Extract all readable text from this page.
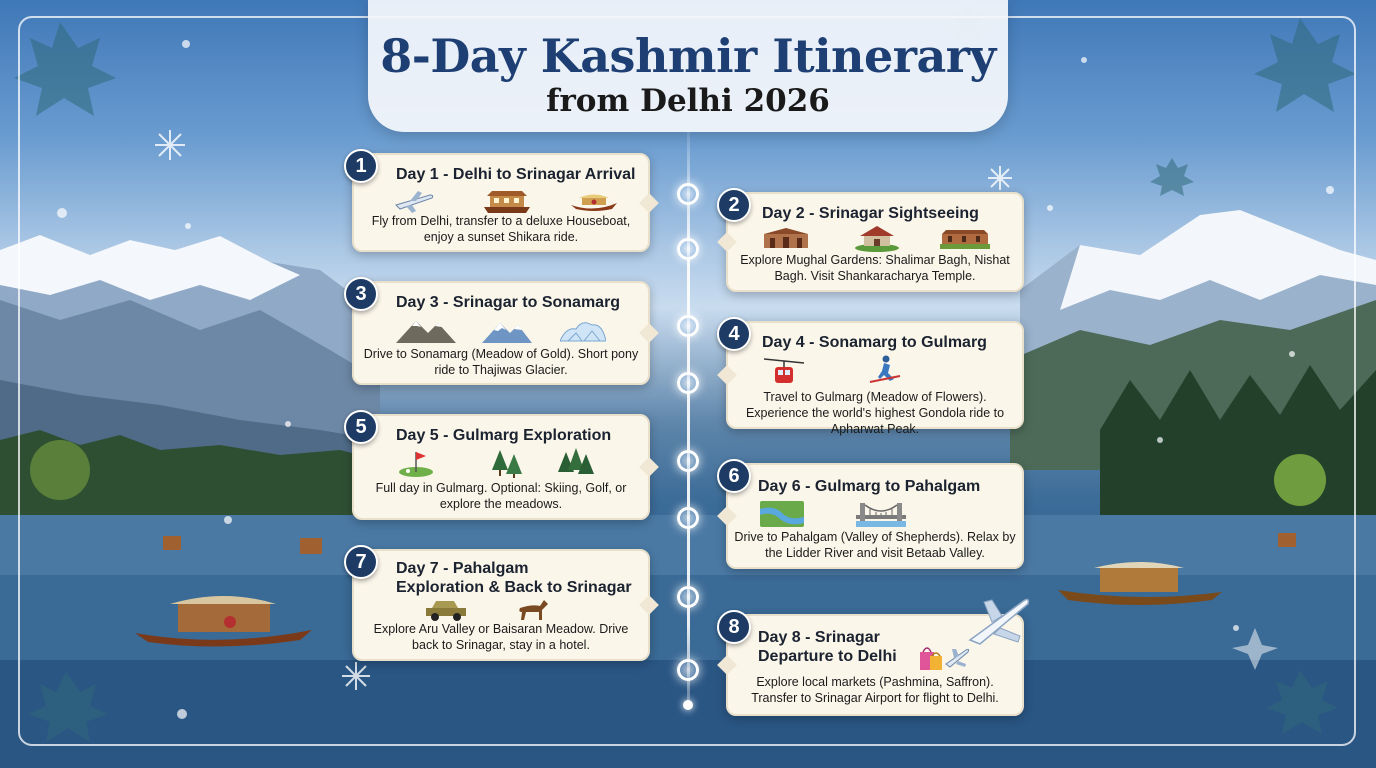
8-Day Kashmir Itinerary
from Delhi 2026
Day 1 - Delhi to Srinagar Arrival
Fly from Delhi, transfer to a deluxe Houseboat, enjoy a sunset Shikara ride.
1
Day 3 - Srinagar to Sonamarg
Drive to Sonamarg (Meadow of Gold). Short pony ride to Thajiwas Glacier.
3
Day 5 - Gulmarg Exploration
Full day in Gulmarg. Optional: Skiing, Golf, or explore the meadows.
5
Day 7 - Pahalgam
Exploration & Back to Srinagar
Explore Aru Valley or Baisaran Meadow. Drive back to Srinagar, stay in a hotel.
7
Day 2 - Srinagar Sightseeing
Explore Mughal Gardens: Shalimar Bagh, Nishat Bagh. Visit Shankaracharya Temple.
2
Day 4 - Sonamarg to Gulmarg
Travel to Gulmarg (Meadow of Flowers). Experience the world's highest Gondola ride to Apharwat Peak.
4
Day 6 - Gulmarg to Pahalgam
Drive to Pahalgam (Valley of Shepherds). Relax by the Lidder River and visit Betaab Valley.
6
Day 8 - Srinagar
Departure to Delhi
Explore local markets (Pashmina, Saffron). Transfer to Srinagar Airport for flight to Delhi.
8
